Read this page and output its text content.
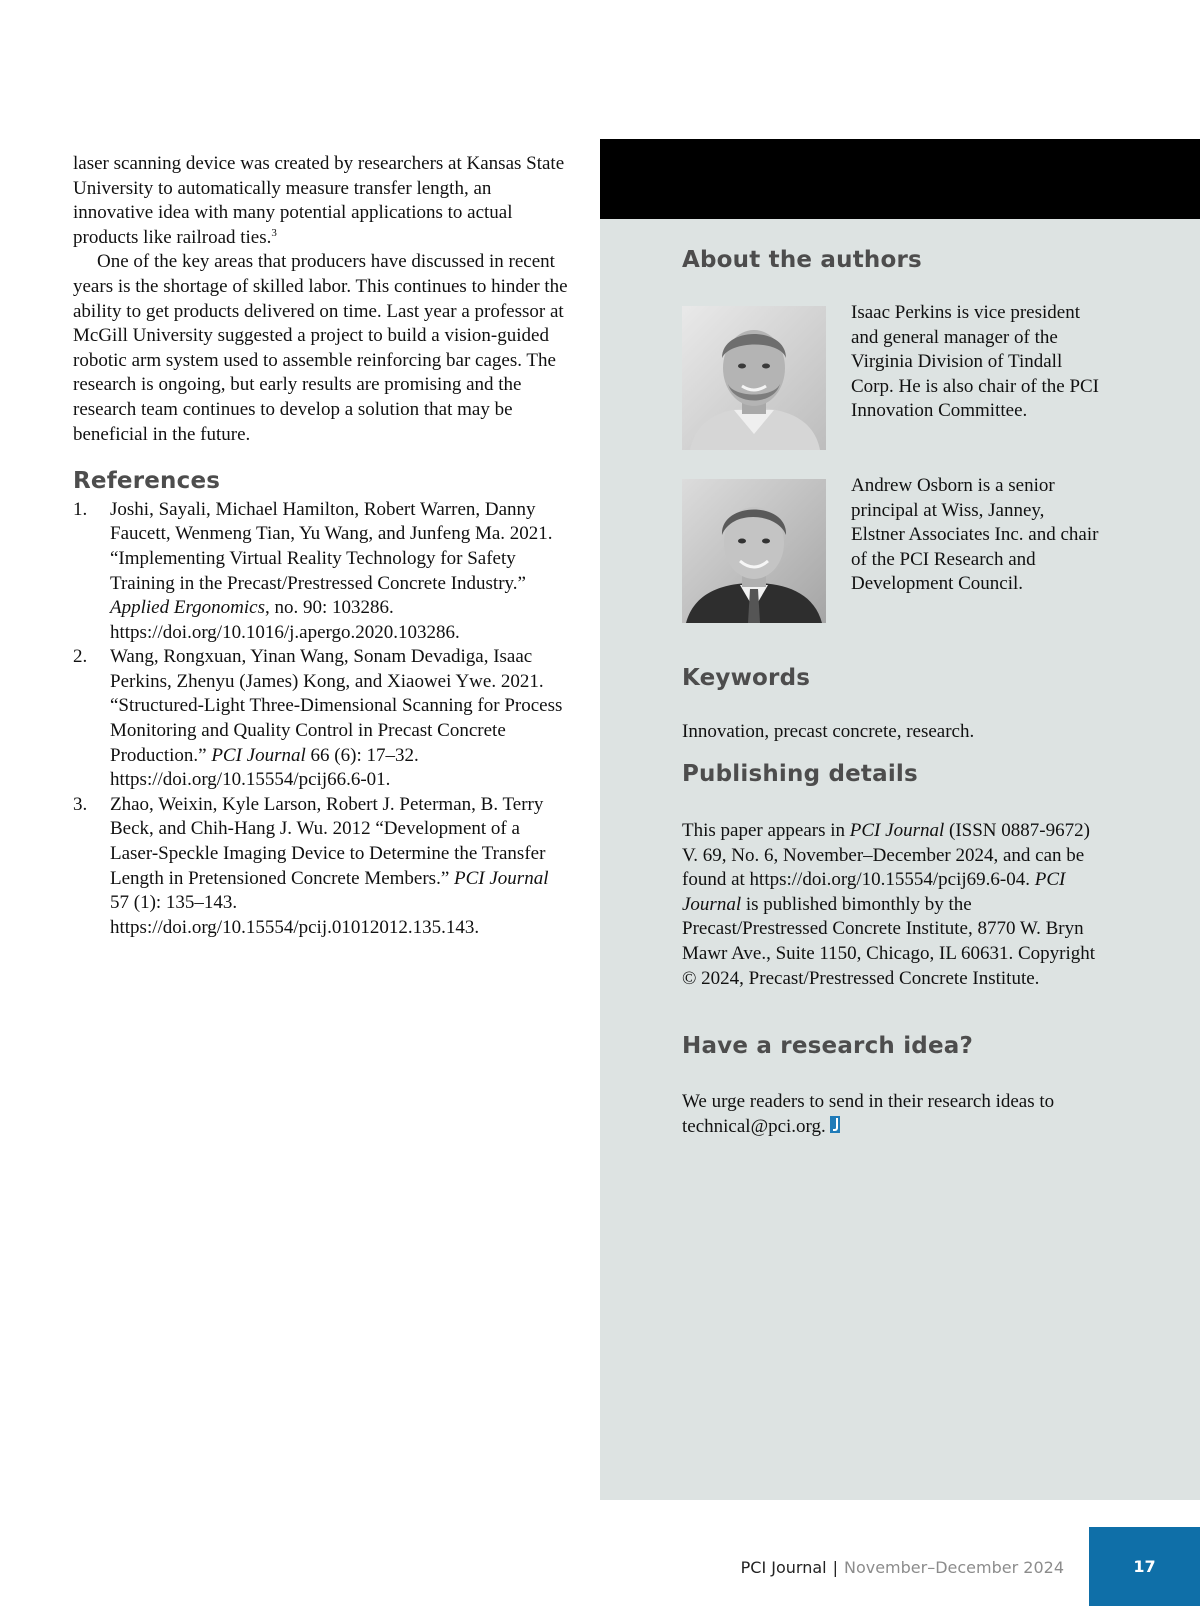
laser scanning device was created by researchers at Kansas State University to automatically measure transfer length, an innovative idea with many potential applications to actual products like railroad ties.$^3$

One of the key areas that producers have discussed in recent years is the shortage of skilled labor. This continues to hinder the ability to get products delivered on time. Last year a professor at McGill University suggested a project to build a vision-guided robotic arm system used to assemble reinforcing bar cages. The research is ongoing, but early results are promising and the research team continues to develop a solution that may be beneficial in the future.

References
1. Joshi, Sayali, Michael Hamilton, Robert Warren, Danny Faucett, Wenmeng Tian, Yu Wang, and Junfeng Ma. 2021. “Implementing Virtual Reality Technology for Safety Training in the Precast/Prestressed Concrete Industry.” Applied Ergonomics, no. 90: 103286. https://doi.org/10.1016/j.apergo.2020.103286.
2. Wang, Rongxuan, Yinan Wang, Sonam Devadiga, Isaac Perkins, Zhenyu (James) Kong, and Xiaowei Ywe. 2021. “Structured-Light Three-Dimensional Scanning for Process Monitoring and Quality Control in Precast Concrete Production.” PCI Journal 66 (6): 17–32. https://doi.org/10.15554/pcij66.6-01.
3. Zhao, Weixin, Kyle Larson, Robert J. Peterman, B. Terry Beck, and Chih-Hang J. Wu. 2012 “Development of a Laser-Speckle Imaging Device to Determine the Transfer Length in Pretensioned Concrete Members.” PCI Journal 57 (1): 135–143. https://doi.org/10.15554/pcij.01012012.135.143.
About the authors

Isaac Perkins is vice president and general manager of the Virginia Division of Tindall Corp. He is also chair of the PCI Innovation Committee.

Andrew Osborn is a senior principal at Wiss, Janney, Elstner Associates Inc. and chair of the PCI Research and Development Council.

Keywords

Innovation, precast concrete, research.

Publishing details

This paper appears in PCI Journal (ISSN 0887-9672) V. 69, No. 6, November–December 2024, and can be found at https://doi.org/10.15554/pcij69.6-04. PCI Journal is published bimonthly by the Precast/Prestressed Concrete Institute, 8770 W. Bryn Mawr Ave., Suite 1150, Chicago, IL 60631. Copyright © 2024, Precast/Prestressed Concrete Institute.

Have a research idea?

We urge readers to send in their research ideas to technical@pci.org.

PCI Journal | November–December 2024	17
